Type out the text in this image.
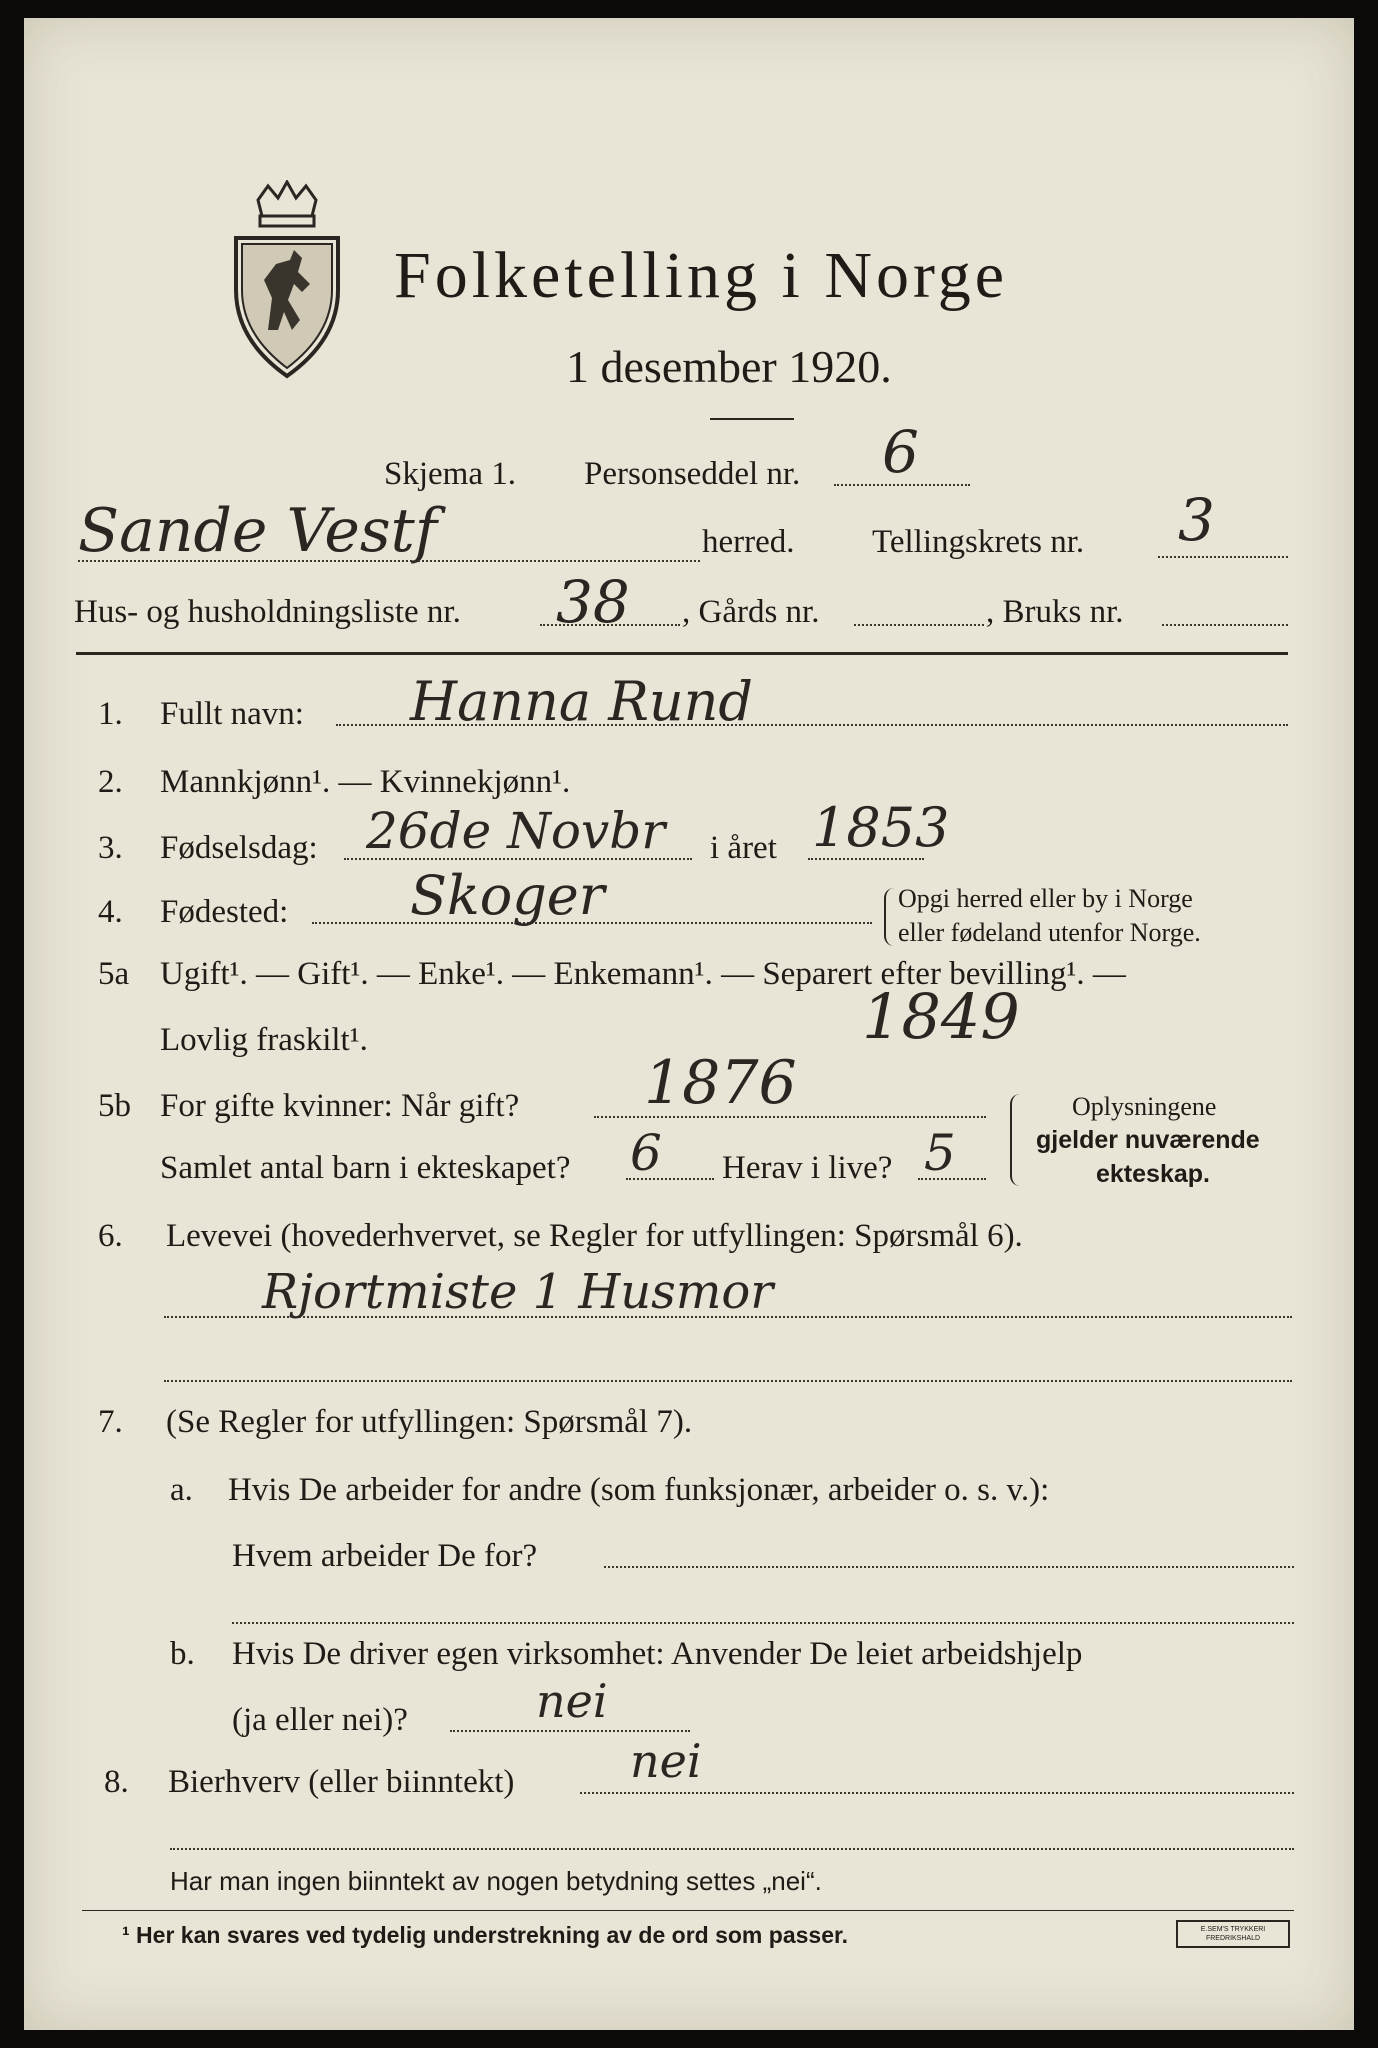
Folketelling i Norge
1 desember 1920.
Skjema 1. Personseddel nr. 6
Sande Vestf	herred. Tellingskrets nr. 3
Hus- og husholdningsliste nr. 38 , Gårds nr.	, Bruks nr.
1. Fullt navn: Hanna Rund
2. Mannkjønn¹. — Kvinnekjønn¹.
3. Fødselsdag: 26de Novbr i året 1853
4. Fødested: Skoger	Opgi herred eller by i Norge
eller fødeland utenfor Norge.
5a Ugift¹. — Gift¹. — Enke¹. — Enkemann¹. — Separert efter bevilling¹. —
Lovlig fraskilt¹.	1849
5b For gifte kvinner: Når gift? 1876
Samlet antal barn i ekteskapet? 6 Herav i live? 5
Oplysningene
gjelder nuværende
ekteskap.
6. Levevei (hovederhvervet, se Regler for utfyllingen: Spørsmål 6).
Rjortmiste 1 Husmor
7. (Se Regler for utfyllingen: Spørsmål 7).
a. Hvis De arbeider for andre (som funksjonær, arbeider o. s. v.):
Hvem arbeider De for?
b. Hvis De driver egen virksomhet: Anvender De leiet arbeidshjelp
(ja eller nei)?	nei
8. Bierhverv (eller biinntekt)	nei
Har man ingen biinntekt av nogen betydning settes „nei“.
¹ Her kan svares ved tydelig understrekning av de ord som passer.	E.SEM'S TRYKKERI FREDRIKSHALD
